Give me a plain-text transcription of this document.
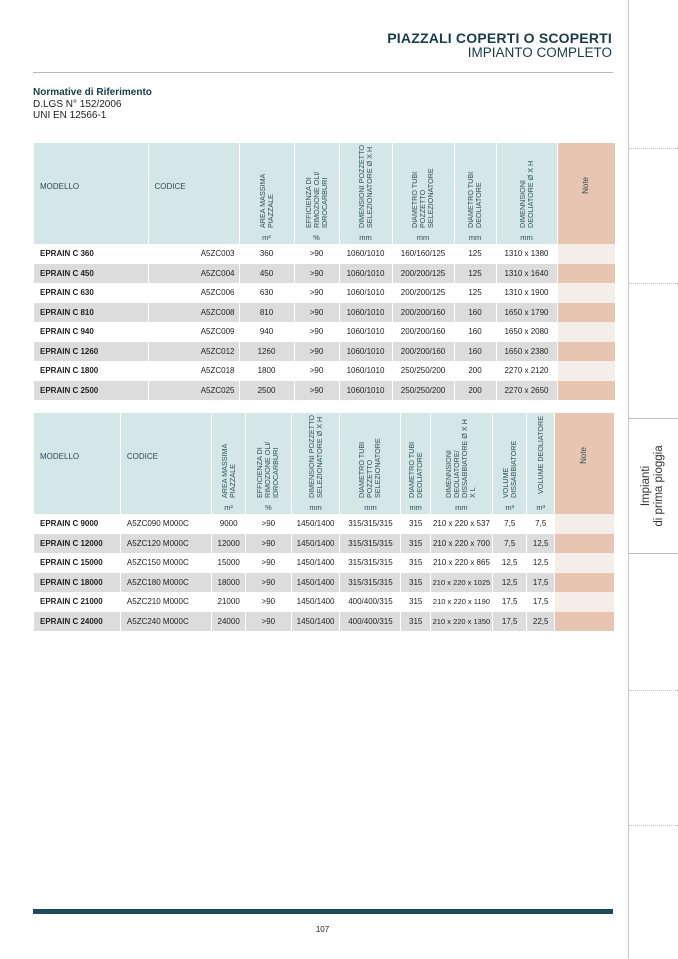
Impianti di prima pioggia
PIAZZALI COPERTI O SCOPERTI
IMPIANTO COMPLETO
Normative di Riferimento
D.LGS N° 152/2006
UNI EN 12566-1
MODELLO	CODICE	AREA MASSIMA PIAZZALE	EFFICIENZA DI RIMOZIONE OLI/ IDROCARBURI	DIMENSIONI POZZETTO SELEZIONATORE Ø X H	DIAMETRO TUBI POZZETTO SELEZIONATORE	DIAMETRO TUBI DEOLIATORE	DIMENNSIONI DEOLIATORE Ø X H	Note
		m²	%	mm	mm	mm	mm	
EPRAIN C 360	A5ZC003	360	>90	1060/1010	160/160/125	125	1310 x 1380	
EPRAIN C 450	A5ZC004	450	>90	1060/1010	200/200/125	125	1310 x 1640	
EPRAIN C 630	A5ZC006	630	>90	1060/1010	200/200/125	125	1310 x 1900	
EPRAIN C 810	A5ZC008	810	>90	1060/1010	200/200/160	160	1650 x 1790	
EPRAIN C 940	A5ZC009	940	>90	1060/1010	200/200/160	160	1650 x 2080	
EPRAIN C 1260	A5ZC012	1260	>90	1060/1010	200/200/160	160	1650 x 2380	
EPRAIN C 1800	A5ZC018	1800	>90	1060/1010	250/250/200	200	2270 x 2120	
EPRAIN C 2500	A5ZC025	2500	>90	1060/1010	250/250/200	200	2270 x 2650	
MODELLO	CODICE	AREA MASSIMA PIAZZALE	EFFICIENZA DI RIMOZIONE OLI/ IDROCARBURI	DIMENSIONI POZZETTO SELEZIONATORE Ø X H	DIAMETRO TUBI POZZETTO SELEZIONATORE	DIAMETRO TUBI DEOLIATORE	DIMENNSIONI DEOLIATORE/ DISSABBIATORE Ø X H X L	VOLUME DISSABBIATORE	VOLUME DEOLIATORE	Note
		m²	%	mm	mm	mm	mm	m³	m³	
EPRAIN C 9000	A5ZC090 M000C	9000	>90	1450/1400	315/315/315	315	210 x 220 x 537	7,5	7,5	
EPRAIN C 12000	A5ZC120 M000C	12000	>90	1450/1400	315/315/315	315	210 x 220 x 700	7,5	12,5	
EPRAIN C 15000	A5ZC150 M000C	15000	>90	1450/1400	315/315/315	315	210 x 220 x 865	12,5	12,5	
EPRAIN C 18000	A5ZC180 M000C	18000	>90	1450/1400	315/315/315	315	210 x 220 x 1025	12,5	17,5	
EPRAIN C 21000	A5ZC210 M000C	21000	>90	1450/1400	400/400/315	315	210 x 220 x 1190	17,5	17,5	
EPRAIN C 24000	A5ZC240 M000C	24000	>90	1450/1400	400/400/315	315	210 x 220 x 1350	17,5	22,5	
107
